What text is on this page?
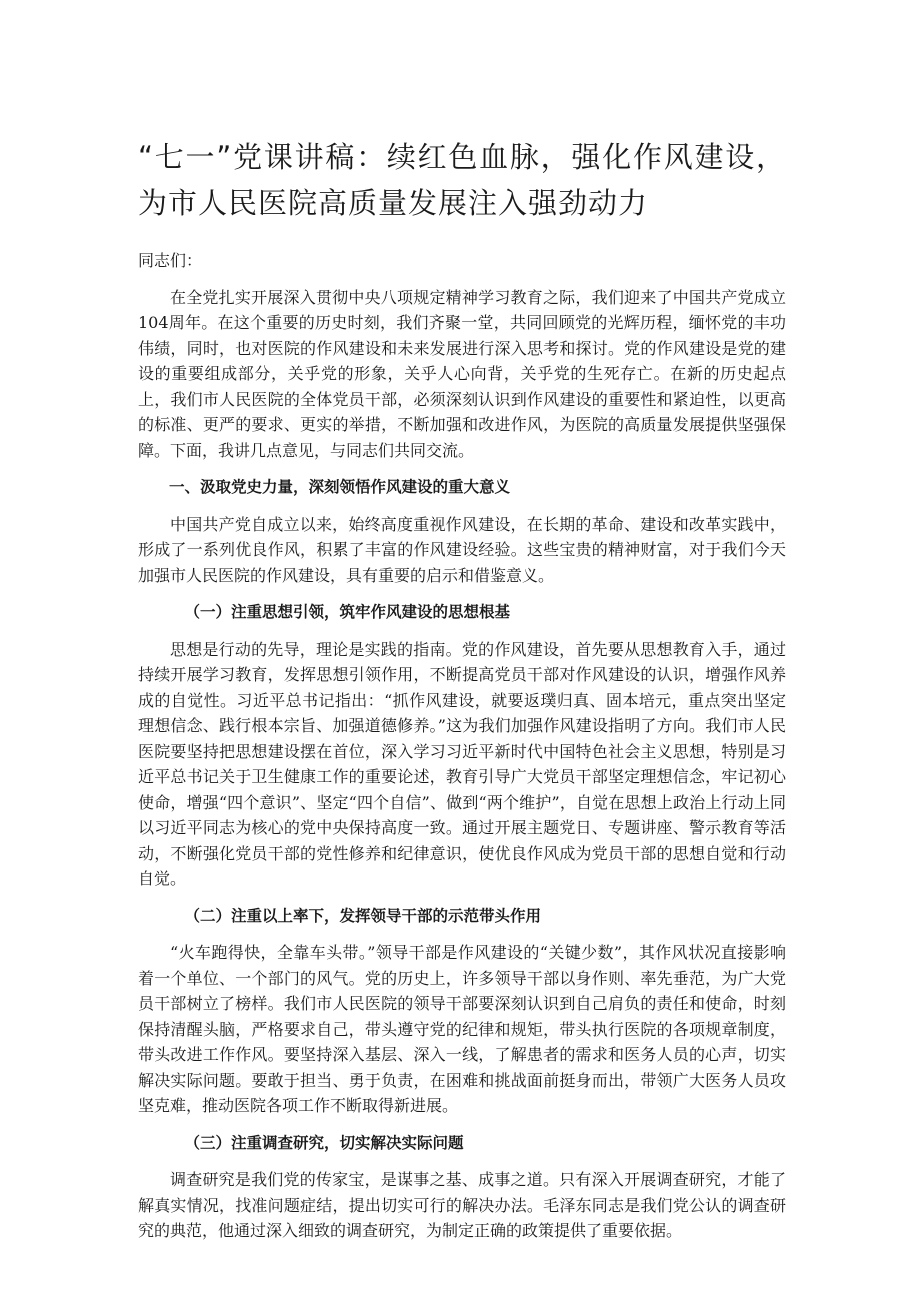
“七一”党课讲稿：续红色血脉，强化作风建设，为市人民医院高质量发展注入强劲动力

同志们：

在全党扎实开展深入贯彻中央八项规定精神学习教育之际，我们迎来了中国共产党成立104周年。在这个重要的历史时刻，我们齐聚一堂，共同回顾党的光辉历程，缅怀党的丰功伟绩，同时，也对医院的作风建设和未来发展进行深入思考和探讨。党的作风建设是党的建设的重要组成部分，关乎党的形象，关乎人心向背，关乎党的生死存亡。在新的历史起点上，我们市人民医院的全体党员干部，必须深刻认识到作风建设的重要性和紧迫性，以更高的标准、更严的要求、更实的举措，不断加强和改进作风，为医院的高质量发展提供坚强保障。下面，我讲几点意见，与同志们共同交流。

一、汲取党史力量，深刻领悟作风建设的重大意义

中国共产党自成立以来，始终高度重视作风建设，在长期的革命、建设和改革实践中，形成了一系列优良作风，积累了丰富的作风建设经验。这些宝贵的精神财富，对于我们今天加强市人民医院的作风建设，具有重要的启示和借鉴意义。

（一）注重思想引领，筑牢作风建设的思想根基

思想是行动的先导，理论是实践的指南。党的作风建设，首先要从思想教育入手，通过持续开展学习教育，发挥思想引领作用，不断提高党员干部对作风建设的认识，增强作风养成的自觉性。习近平总书记指出：“抓作风建设，就要返璞归真、固本培元，重点突出坚定理想信念、践行根本宗旨、加强道德修养。”这为我们加强作风建设指明了方向。我们市人民医院要坚持把思想建设摆在首位，深入学习习近平新时代中国特色社会主义思想，特别是习近平总书记关于卫生健康工作的重要论述，教育引导广大党员干部坚定理想信念，牢记初心使命，增强“四个意识”、坚定“四个自信”、做到“两个维护”，自觉在思想上政治上行动上同以习近平同志为核心的党中央保持高度一致。通过开展主题党日、专题讲座、警示教育等活动，不断强化党员干部的党性修养和纪律意识，使优良作风成为党员干部的思想自觉和行动自觉。

（二）注重以上率下，发挥领导干部的示范带头作用

“火车跑得快，全靠车头带。”领导干部是作风建设的“关键少数”，其作风状况直接影响着一个单位、一个部门的风气。党的历史上，许多领导干部以身作则、率先垂范，为广大党员干部树立了榜样。我们市人民医院的领导干部要深刻认识到自己肩负的责任和使命，时刻保持清醒头脑，严格要求自己，带头遵守党的纪律和规矩，带头执行医院的各项规章制度，带头改进工作作风。要坚持深入基层、深入一线，了解患者的需求和医务人员的心声，切实解决实际问题。要敢于担当、勇于负责，在困难和挑战面前挺身而出，带领广大医务人员攻坚克难，推动医院各项工作不断取得新进展。

（三）注重调查研究，切实解决实际问题

调查研究是我们党的传家宝，是谋事之基、成事之道。只有深入开展调查研究，才能了解真实情况，找准问题症结，提出切实可行的解决办法。毛泽东同志是我们党公认的调查研究的典范，他通过深入细致的调查研究，为制定正确的政策提供了重要依据。
